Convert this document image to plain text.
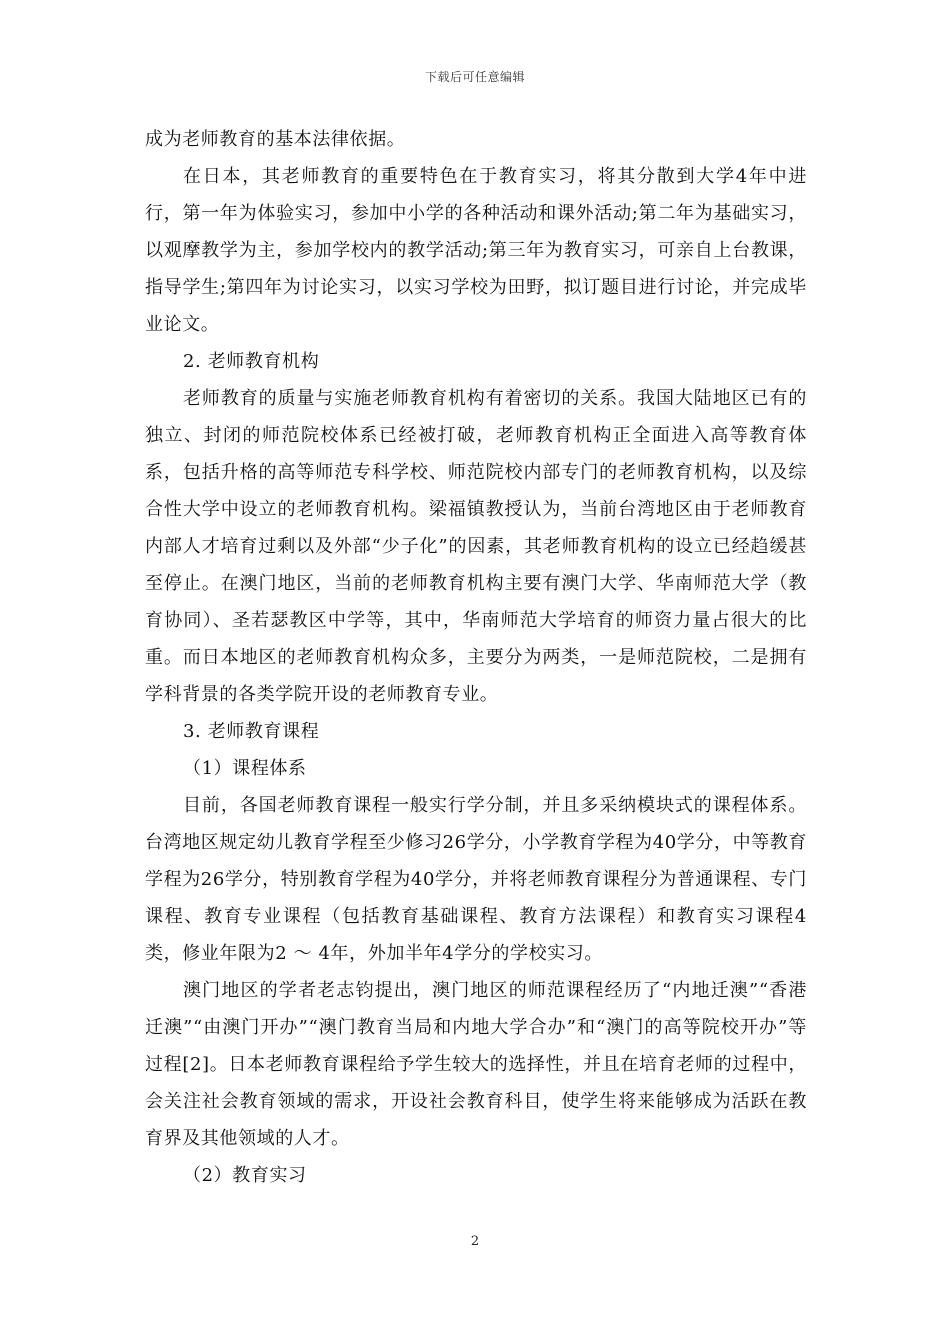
下载后可任意编辑

成为老师教育的基本法律依据。

在日本，其老师教育的重要特色在于教育实习，将其分散到大学4年中进行，第一年为体验实习，参加中小学的各种活动和课外活动;第二年为基础实习，以观摩教学为主，参加学校内的教学活动;第三年为教育实习，可亲自上台教课，指导学生;第四年为讨论实习，以实习学校为田野，拟订题目进行讨论，并完成毕业论文。

2. 老师教育机构

老师教育的质量与实施老师教育机构有着密切的关系。我国大陆地区已有的独立、封闭的师范院校体系已经被打破，老师教育机构正全面进入高等教育体系，包括升格的高等师范专科学校、师范院校内部专门的老师教育机构，以及综合性大学中设立的老师教育机构。梁福镇教授认为，当前台湾地区由于老师教育内部人才培育过剩以及外部“少子化”的因素，其老师教育机构的设立已经趋缓甚至停止。在澳门地区，当前的老师教育机构主要有澳门大学、华南师范大学（教育协同）、圣若瑟教区中学等，其中，华南师范大学培育的师资力量占很大的比重。而日本地区的老师教育机构众多，主要分为两类，一是师范院校，二是拥有学科背景的各类学院开设的老师教育专业。

3. 老师教育课程

（1）课程体系

目前，各国老师教育课程一般实行学分制，并且多采纳模块式的课程体系。台湾地区规定幼儿教育学程至少修习26学分，小学教育学程为40学分，中等教育学程为26学分，特别教育学程为40学分，并将老师教育课程分为普通课程、专门课程、教育专业课程（包括教育基础课程、教育方法课程）和教育实习课程4类，修业年限为2 ～ 4年，外加半年4学分的学校实习。

澳门地区的学者老志钧提出，澳门地区的师范课程经历了“内地迁澳”“香港迁澳”“由澳门开办”“澳门教育当局和内地大学合办”和“澳门的高等院校开办”等过程[2]。日本老师教育课程给予学生较大的选择性，并且在培育老师的过程中，会关注社会教育领域的需求，开设社会教育科目，使学生将来能够成为活跃在教育界及其他领域的人才。

（2）教育实习

2
